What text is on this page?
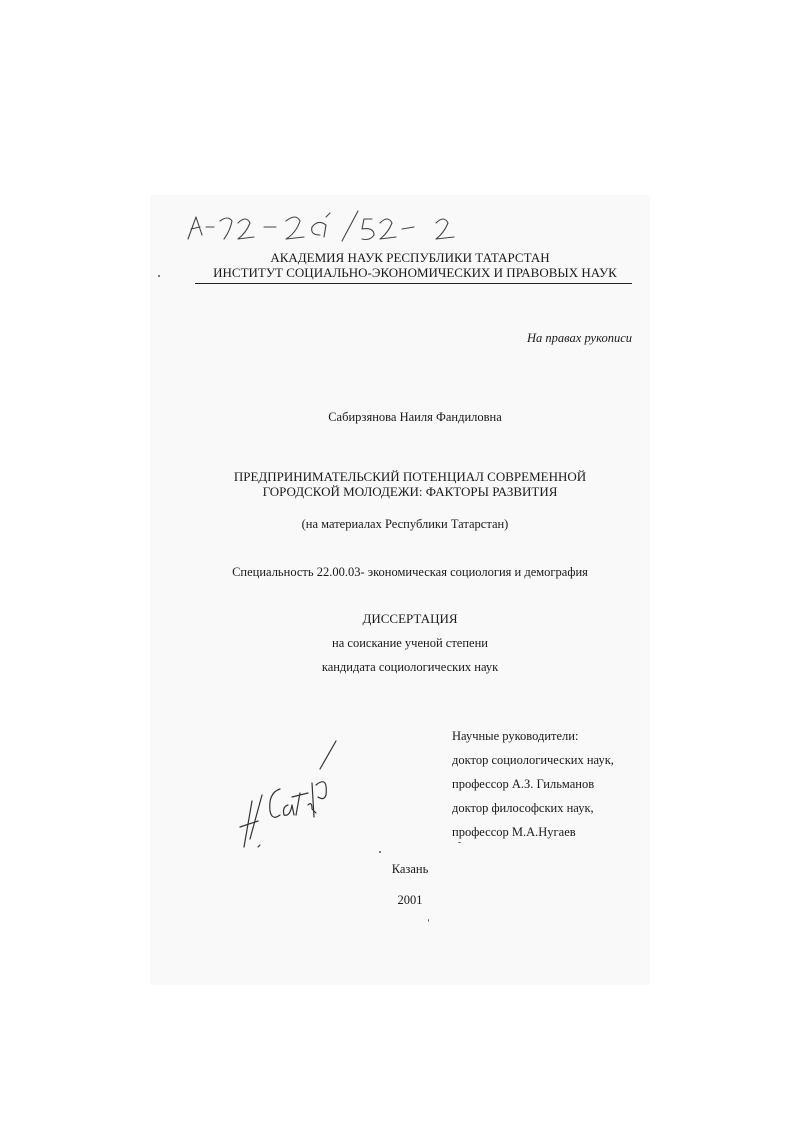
АКАДЕМИЯ НАУК РЕСПУБЛИКИ ТАТАРСТАН
ИНСТИТУТ СОЦИАЛЬНО-ЭКОНОМИЧЕСКИХ И ПРАВОВЫХ НАУК
На правах рукописи
Сабирзянова Наиля Фандиловна
ПРЕДПРИНИМАТЕЛЬСКИЙ ПОТЕНЦИАЛ СОВРЕМЕННОЙ
ГОРОДСКОЙ МОЛОДЕЖИ: ФАКТОРЫ РАЗВИТИЯ
(на материалах Республики Татарстан)
Специальность 22.00.03- экономическая социология и демография
ДИССЕРТАЦИЯ
на соискание ученой степени
кандидата социологических наук
Научные руководители:
доктор социологических наук,
профессор А.З. Гильманов
доктор философских наук,
профессор М.А.Нугаев
Казань
2001
